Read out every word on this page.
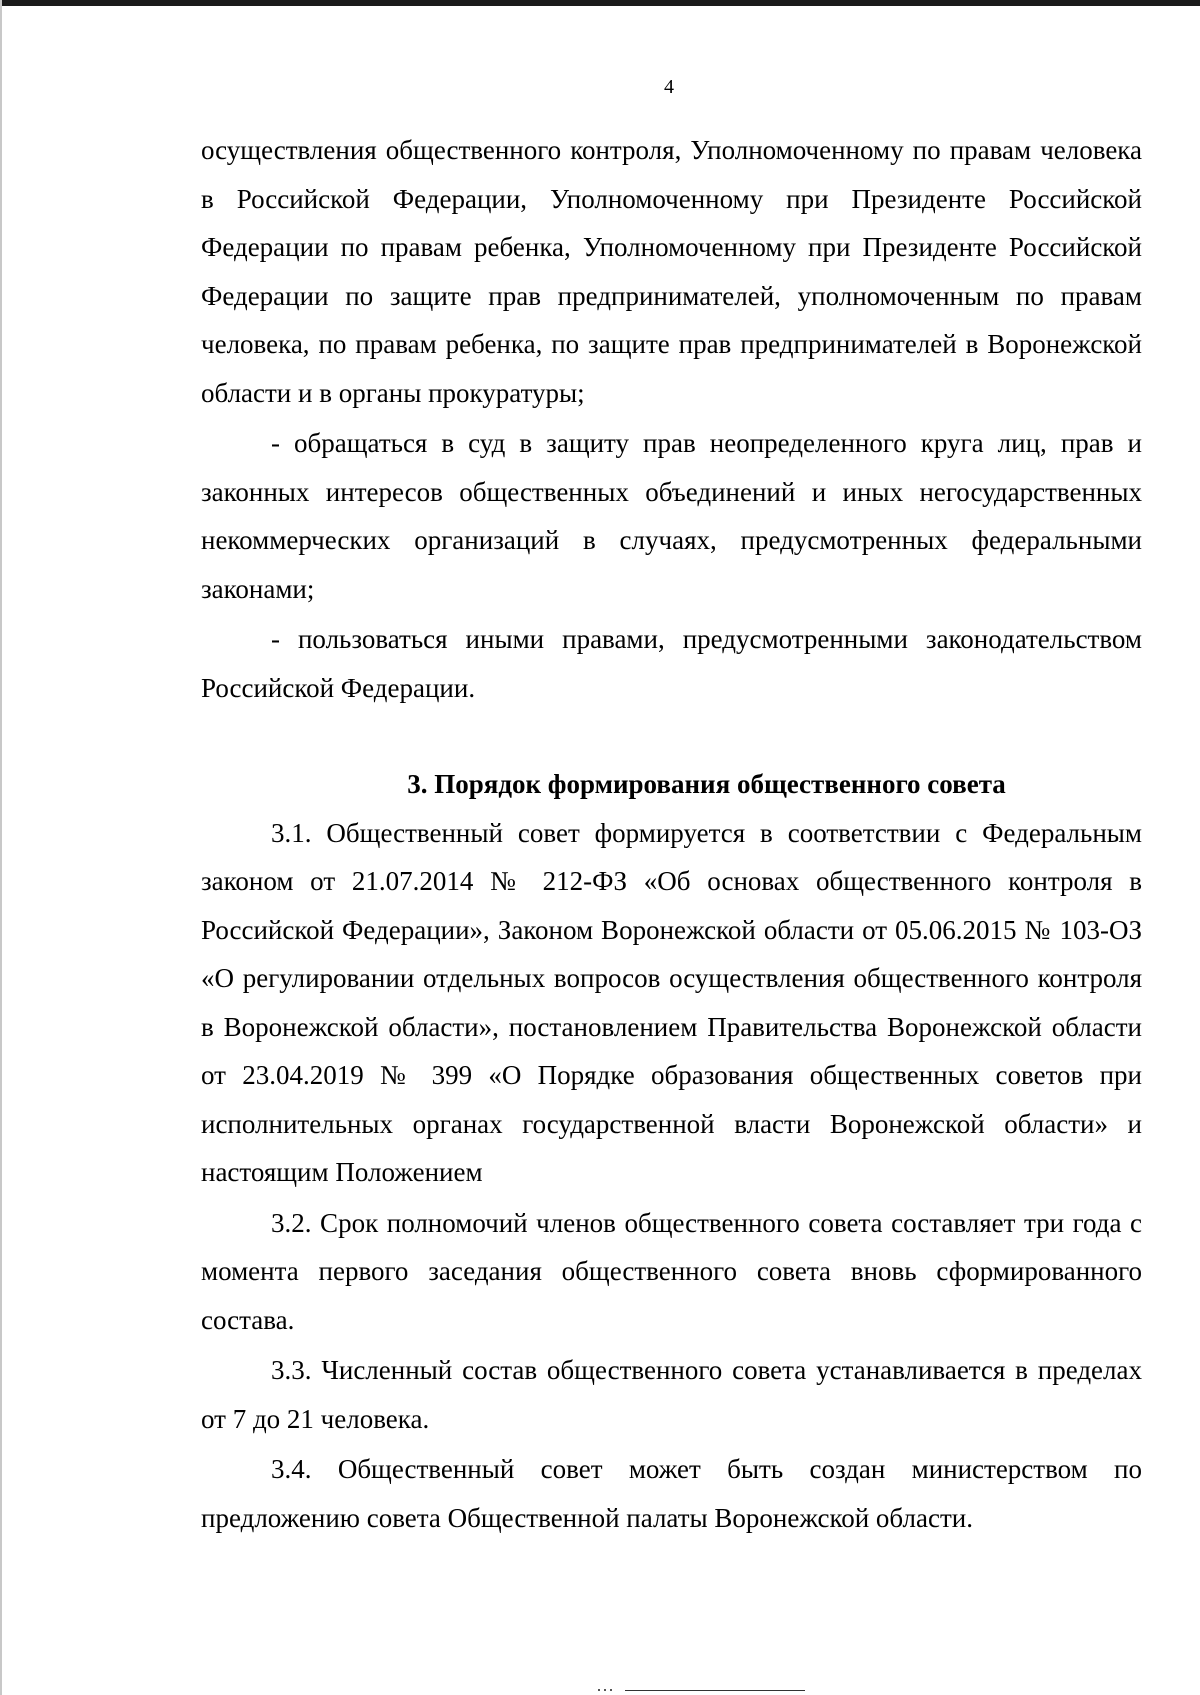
4

осуществления общественного контроля, Уполномоченному по правам человека в Российской Федерации, Уполномоченному при Президенте Российской Федерации по правам ребенка, Уполномоченному при Президенте Российской Федерации по защите прав предпринимателей, уполномоченным по правам человека, по правам ребенка, по защите прав предпринимателей в Воронежской области и в органы прокуратуры;

- обращаться в суд в защиту прав неопределенного круга лиц, прав и законных интересов общественных объединений и иных негосударственных некоммерческих организаций в случаях, предусмотренных федеральными законами;

- пользоваться иными правами, предусмотренными законодательством Российской Федерации.

3. Порядок формирования общественного совета

3.1. Общественный совет формируется в соответствии с Федеральным законом от 21.07.2014 № 212-ФЗ «Об основах общественного контроля в Российской Федерации», Законом Воронежской области от 05.06.2015 № 103-ОЗ «О регулировании отдельных вопросов осуществления общественного контроля в Воронежской области», постановлением Правительства Воронежской области от 23.04.2019 № 399 «О Порядке образования общественных советов при исполнительных органах государственной власти Воронежской области» и настоящим Положением

3.2. Срок полномочий членов общественного совета составляет три года с момента первого заседания общественного совета вновь сформированного состава.

3.3. Численный состав общественного совета устанавливается в пределах от 7 до 21 человека.

3.4. Общественный совет может быть создан министерством по предложению совета Общественной палаты Воронежской области.
